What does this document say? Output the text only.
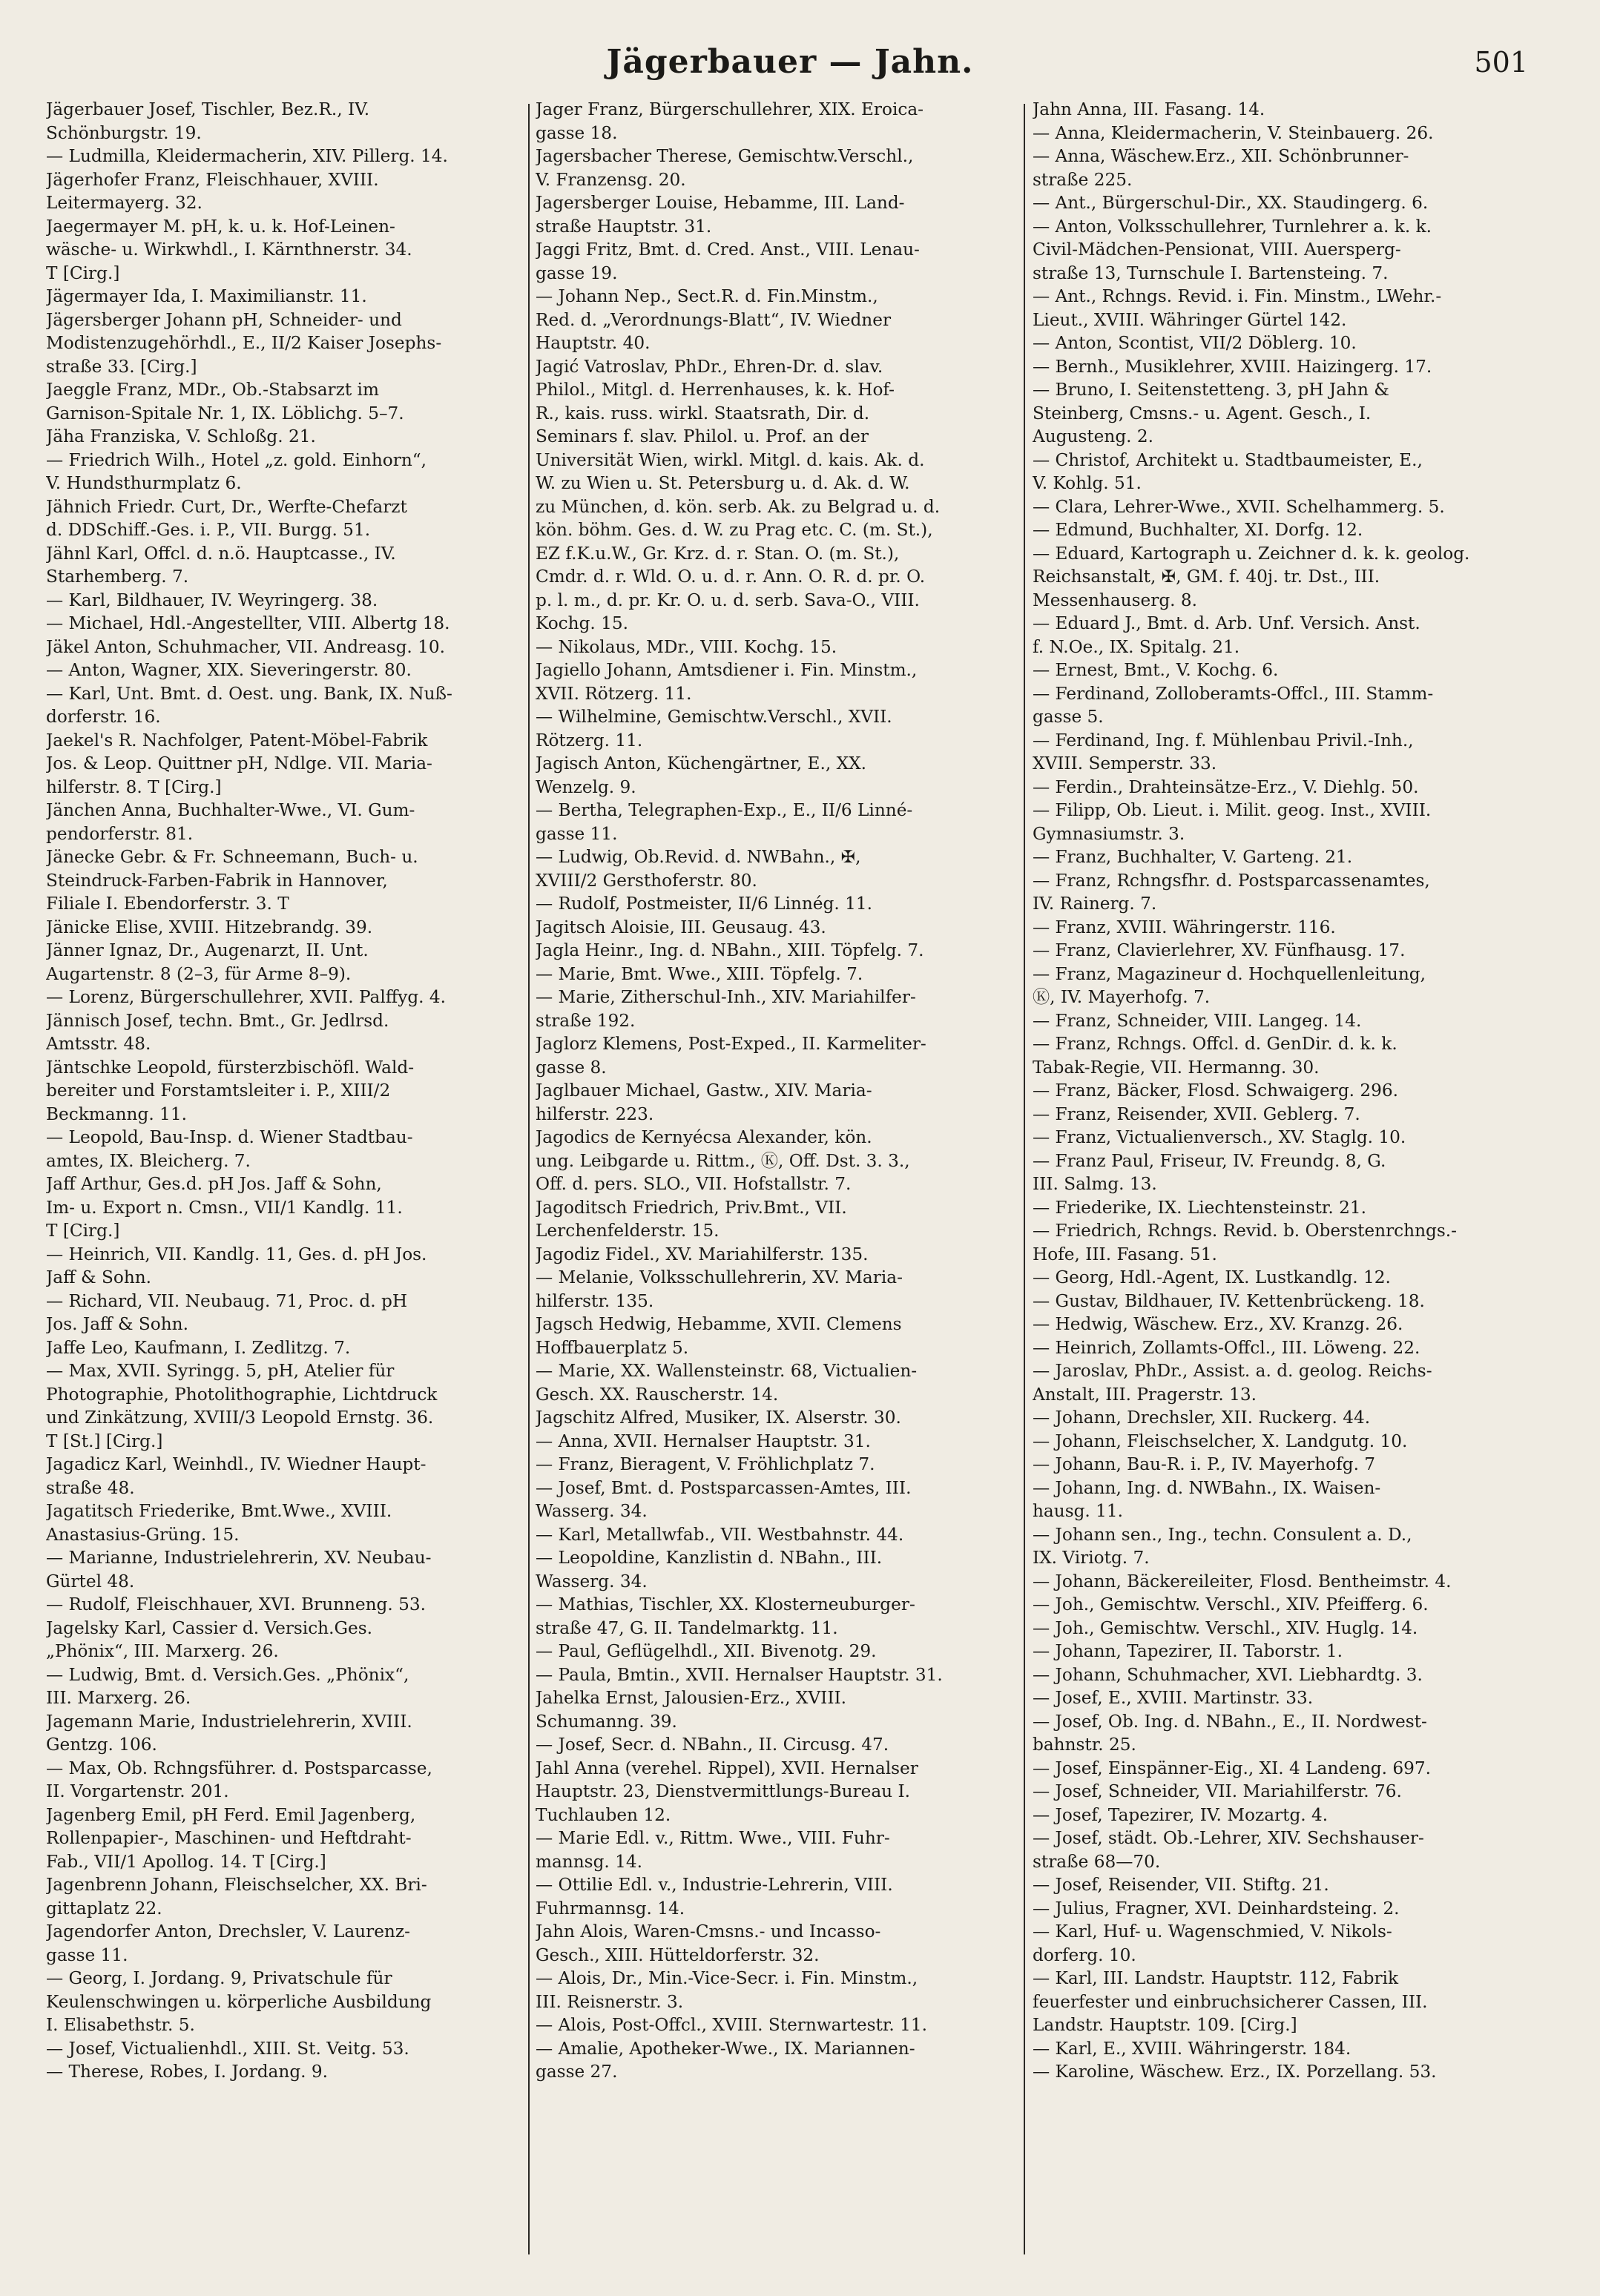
Jägerbauer — Jahn.	501
Jägerbauer Josef, Tischler, Bez.R., IV.
Schönburgstr. 19.
— Ludmilla, Kleidermacherin, XIV. Pillerg. 14.
Jägerhofer Franz, Fleischhauer, XVIII.
Leitermayerg. 32.
Jaegermayer M. pH, k. u. k. Hof-Leinen-
wäsche- u. Wirkwhdl., I. Kärnthnerstr. 34.
T [Cirg.]
Jägermayer Ida, I. Maximilianstr. 11.
Jägersberger Johann pH, Schneider- und
Modistenzugehörhdl., E., II/2 Kaiser Josephs-
straße 33. [Cirg.]
Jaeggle Franz, MDr., Ob.-Stabsarzt im
Garnison-Spitale Nr. 1, IX. Löblichg. 5–7.
Jäha Franziska, V. Schloßg. 21.
— Friedrich Wilh., Hotel „z. gold. Einhorn“,
V. Hundsthurmplatz 6.
Jähnich Friedr. Curt, Dr., Werfte-Chefarzt
d. DDSchiff.-Ges. i. P., VII. Burgg. 51.
Jähnl Karl, Offcl. d. n.ö. Hauptcasse., IV.
Starhemberg. 7.
— Karl, Bildhauer, IV. Weyringerg. 38.
— Michael, Hdl.-Angestellter, VIII. Albertg 18.
Jäkel Anton, Schuhmacher, VII. Andreasg. 10.
— Anton, Wagner, XIX. Sieveringerstr. 80.
— Karl, Unt. Bmt. d. Oest. ung. Bank, IX. Nuß-
dorferstr. 16.
Jaekel's R. Nachfolger, Patent-Möbel-Fabrik
Jos. & Leop. Quittner pH, Ndlge. VII. Maria-
hilferstr. 8. T [Cirg.]
Jänchen Anna, Buchhalter-Wwe., VI. Gum-
pendorferstr. 81.
Jänecke Gebr. & Fr. Schneemann, Buch- u.
Steindruck-Farben-Fabrik in Hannover,
Filiale I. Ebendorferstr. 3. T
Jänicke Elise, XVIII. Hitzebrandg. 39.
Jänner Ignaz, Dr., Augenarzt, II. Unt.
Augartenstr. 8 (2–3, für Arme 8–9).
— Lorenz, Bürgerschullehrer, XVII. Palffyg. 4.
Jännisch Josef, techn. Bmt., Gr. Jedlrsd.
Amtsstr. 48.
Jäntschke Leopold, fürsterzbischöfl. Wald-
bereiter und Forstamtsleiter i. P., XIII/2
Beckmanng. 11.
— Leopold, Bau-Insp. d. Wiener Stadtbau-
amtes, IX. Bleicherg. 7.
Jaff Arthur, Ges.d. pH Jos. Jaff & Sohn,
Im- u. Export n. Cmsn., VII/1 Kandlg. 11.
T [Cirg.]
— Heinrich, VII. Kandlg. 11, Ges. d. pH Jos.
Jaff & Sohn.
— Richard, VII. Neubaug. 71, Proc. d. pH
Jos. Jaff & Sohn.
Jaffe Leo, Kaufmann, I. Zedlitzg. 7.
— Max, XVII. Syringg. 5, pH, Atelier für
Photographie, Photolithographie, Lichtdruck
und Zinkätzung, XVIII/3 Leopold Ernstg. 36.
T [St.] [Cirg.]
Jagadicz Karl, Weinhdl., IV. Wiedner Haupt-
straße 48.
Jagatitsch Friederike, Bmt.Wwe., XVIII.
Anastasius-Grüng. 15.
— Marianne, Industrielehrerin, XV. Neubau-
Gürtel 48.
— Rudolf, Fleischhauer, XVI. Brunneng. 53.
Jagelsky Karl, Cassier d. Versich.Ges.
„Phönix“, III. Marxerg. 26.
— Ludwig, Bmt. d. Versich.Ges. „Phönix“,
III. Marxerg. 26.
Jagemann Marie, Industrielehrerin, XVIII.
Gentzg. 106.
— Max, Ob. Rchngsführer. d. Postsparcasse,
II. Vorgartenstr. 201.
Jagenberg Emil, pH Ferd. Emil Jagenberg,
Rollenpapier-, Maschinen- und Heftdraht-
Fab., VII/1 Apollog. 14. T [Cirg.]
Jagenbrenn Johann, Fleischselcher, XX. Bri-
gittaplatz 22.
Jagendorfer Anton, Drechsler, V. Laurenz-
gasse 11.
— Georg, I. Jordang. 9, Privatschule für
Keulenschwingen u. körperliche Ausbildung
I. Elisabethstr. 5.
— Josef, Victualienhdl., XIII. St. Veitg. 53.
— Therese, Robes, I. Jordang. 9.
Jager Franz, Bürgerschullehrer, XIX. Eroica-
gasse 18.
Jagersbacher Therese, Gemischtw.Verschl.,
V. Franzensg. 20.
Jagersberger Louise, Hebamme, III. Land-
straße Hauptstr. 31.
Jaggi Fritz, Bmt. d. Cred. Anst., VIII. Lenau-
gasse 19.
— Johann Nep., Sect.R. d. Fin.Minstm.,
Red. d. „Verordnungs-Blatt“, IV. Wiedner
Hauptstr. 40.
Jagić Vatroslav, PhDr., Ehren-Dr. d. slav.
Philol., Mitgl. d. Herrenhauses, k. k. Hof-
R., kais. russ. wirkl. Staatsrath, Dir. d.
Seminars f. slav. Philol. u. Prof. an der
Universität Wien, wirkl. Mitgl. d. kais. Ak. d.
W. zu Wien u. St. Petersburg u. d. Ak. d. W.
zu München, d. kön. serb. Ak. zu Belgrad u. d.
kön. böhm. Ges. d. W. zu Prag etc. C. (m. St.),
EZ f.K.u.W., Gr. Krz. d. r. Stan. O. (m. St.),
Cmdr. d. r. Wld. O. u. d. r. Ann. O. R. d. pr. O.
p. l. m., d. pr. Kr. O. u. d. serb. Sava-O., VIII.
Kochg. 15.
— Nikolaus, MDr., VIII. Kochg. 15.
Jagiello Johann, Amtsdiener i. Fin. Minstm.,
XVII. Rötzerg. 11.
— Wilhelmine, Gemischtw.Verschl., XVII.
Rötzerg. 11.
Jagisch Anton, Küchengärtner, E., XX.
Wenzelg. 9.
— Bertha, Telegraphen-Exp., E., II/6 Linné-
gasse 11.
— Ludwig, Ob.Revid. d. NWBahn., ✠,
XVIII/2 Gersthoferstr. 80.
— Rudolf, Postmeister, II/6 Linnég. 11.
Jagitsch Aloisie, III. Geusaug. 43.
Jagla Heinr., Ing. d. NBahn., XIII. Töpfelg. 7.
— Marie, Bmt. Wwe., XIII. Töpfelg. 7.
— Marie, Zitherschul-Inh., XIV. Mariahilfer-
straße 192.
Jaglorz Klemens, Post-Exped., II. Karmeliter-
gasse 8.
Jaglbauer Michael, Gastw., XIV. Maria-
hilferstr. 223.
Jagodics de Kernyécsa Alexander, kön.
ung. Leibgarde u. Rittm., Ⓚ, Off. Dst. 3. 3.,
Off. d. pers. SLO., VII. Hofstallstr. 7.
Jagoditsch Friedrich, Priv.Bmt., VII.
Lerchenfelderstr. 15.
Jagodiz Fidel., XV. Mariahilferstr. 135.
— Melanie, Volksschullehrerin, XV. Maria-
hilferstr. 135.
Jagsch Hedwig, Hebamme, XVII. Clemens
Hoffbauerplatz 5.
— Marie, XX. Wallensteinstr. 68, Victualien-
Gesch. XX. Rauscherstr. 14.
Jagschitz Alfred, Musiker, IX. Alserstr. 30.
— Anna, XVII. Hernalser Hauptstr. 31.
— Franz, Bieragent, V. Fröhlichplatz 7.
— Josef, Bmt. d. Postsparcassen-Amtes, III.
Wasserg. 34.
— Karl, Metallwfab., VII. Westbahnstr. 44.
— Leopoldine, Kanzlistin d. NBahn., III.
Wasserg. 34.
— Mathias, Tischler, XX. Klosterneuburger-
straße 47, G. II. Tandelmarktg. 11.
— Paul, Geflügelhdl., XII. Bivenotg. 29.
— Paula, Bmtin., XVII. Hernalser Hauptstr. 31.
Jahelka Ernst, Jalousien-Erz., XVIII.
Schumanng. 39.
— Josef, Secr. d. NBahn., II. Circusg. 47.
Jahl Anna (verehel. Rippel), XVII. Hernalser
Hauptstr. 23, Dienstvermittlungs-Bureau I.
Tuchlauben 12.
— Marie Edl. v., Rittm. Wwe., VIII. Fuhr-
mannsg. 14.
— Ottilie Edl. v., Industrie-Lehrerin, VIII.
Fuhrmannsg. 14.
Jahn Alois, Waren-Cmsns.- und Incasso-
Gesch., XIII. Hütteldorferstr. 32.
— Alois, Dr., Min.-Vice-Secr. i. Fin. Minstm.,
III. Reisnerstr. 3.
— Alois, Post-Offcl., XVIII. Sternwartestr. 11.
— Amalie, Apotheker-Wwe., IX. Mariannen-
gasse 27.
Jahn Anna, III. Fasang. 14.
— Anna, Kleidermacherin, V. Steinbauerg. 26.
— Anna, Wäschew.Erz., XII. Schönbrunner-
straße 225.
— Ant., Bürgerschul-Dir., XX. Staudingerg. 6.
— Anton, Volksschullehrer, Turnlehrer a. k. k.
Civil-Mädchen-Pensionat, VIII. Auersperg-
straße 13, Turnschule I. Bartensteing. 7.
— Ant., Rchngs. Revid. i. Fin. Minstm., LWehr.-
Lieut., XVIII. Währinger Gürtel 142.
— Anton, Scontist, VII/2 Döblerg. 10.
— Bernh., Musiklehrer, XVIII. Haizingerg. 17.
— Bruno, I. Seitenstetteng. 3, pH Jahn &
Steinberg, Cmsns.- u. Agent. Gesch., I.
Augusteng. 2.
— Christof, Architekt u. Stadtbaumeister, E.,
V. Kohlg. 51.
— Clara, Lehrer-Wwe., XVII. Schelhammerg. 5.
— Edmund, Buchhalter, XI. Dorfg. 12.
— Eduard, Kartograph u. Zeichner d. k. k. geolog.
Reichsanstalt, ✠, GM. f. 40j. tr. Dst., III.
Messenhauserg. 8.
— Eduard J., Bmt. d. Arb. Unf. Versich. Anst.
f. N.Oe., IX. Spitalg. 21.
— Ernest, Bmt., V. Kochg. 6.
— Ferdinand, Zolloberamts-Offcl., III. Stamm-
gasse 5.
— Ferdinand, Ing. f. Mühlenbau Privil.-Inh.,
XVIII. Semperstr. 33.
— Ferdin., Drahteinsätze-Erz., V. Diehlg. 50.
— Filipp, Ob. Lieut. i. Milit. geog. Inst., XVIII.
Gymnasiumstr. 3.
— Franz, Buchhalter, V. Garteng. 21.
— Franz, Rchngsfhr. d. Postsparcassenamtes,
IV. Rainerg. 7.
— Franz, XVIII. Währingerstr. 116.
— Franz, Clavierlehrer, XV. Fünfhausg. 17.
— Franz, Magazineur d. Hochquellenleitung,
Ⓚ, IV. Mayerhofg. 7.
— Franz, Schneider, VIII. Langeg. 14.
— Franz, Rchngs. Offcl. d. GenDir. d. k. k.
Tabak-Regie, VII. Hermanng. 30.
— Franz, Bäcker, Flosd. Schwaigerg. 296.
— Franz, Reisender, XVII. Geblerg. 7.
— Franz, Victualienversch., XV. Staglg. 10.
— Franz Paul, Friseur, IV. Freundg. 8, G.
III. Salmg. 13.
— Friederike, IX. Liechtensteinstr. 21.
— Friedrich, Rchngs. Revid. b. Oberstenrchngs.-
Hofe, III. Fasang. 51.
— Georg, Hdl.-Agent, IX. Lustkandlg. 12.
— Gustav, Bildhauer, IV. Kettenbrückeng. 18.
— Hedwig, Wäschew. Erz., XV. Kranzg. 26.
— Heinrich, Zollamts-Offcl., III. Löweng. 22.
— Jaroslav, PhDr., Assist. a. d. geolog. Reichs-
Anstalt, III. Pragerstr. 13.
— Johann, Drechsler, XII. Ruckerg. 44.
— Johann, Fleischselcher, X. Landgutg. 10.
— Johann, Bau-R. i. P., IV. Mayerhofg. 7
— Johann, Ing. d. NWBahn., IX. Waisen-
hausg. 11.
— Johann sen., Ing., techn. Consulent a. D.,
IX. Viriotg. 7.
— Johann, Bäckereileiter, Flosd. Bentheimstr. 4.
— Joh., Gemischtw. Verschl., XIV. Pfeifferg. 6.
— Joh., Gemischtw. Verschl., XIV. Huglg. 14.
— Johann, Tapezirer, II. Taborstr. 1.
— Johann, Schuhmacher, XVI. Liebhardtg. 3.
— Josef, E., XVIII. Martinstr. 33.
— Josef, Ob. Ing. d. NBahn., E., II. Nordwest-
bahnstr. 25.
— Josef, Einspänner-Eig., XI. 4 Landeng. 697.
— Josef, Schneider, VII. Mariahilferstr. 76.
— Josef, Tapezirer, IV. Mozartg. 4.
— Josef, städt. Ob.-Lehrer, XIV. Sechshauser-
straße 68—70.
— Josef, Reisender, VII. Stiftg. 21.
— Julius, Fragner, XVI. Deinhardsteing. 2.
— Karl, Huf- u. Wagenschmied, V. Nikols-
dorferg. 10.
— Karl, III. Landstr. Hauptstr. 112, Fabrik
feuerfester und einbruchsicherer Cassen, III.
Landstr. Hauptstr. 109. [Cirg.]
— Karl, E., XVIII. Währingerstr. 184.
— Karoline, Wäschew. Erz., IX. Porzellang. 53.
